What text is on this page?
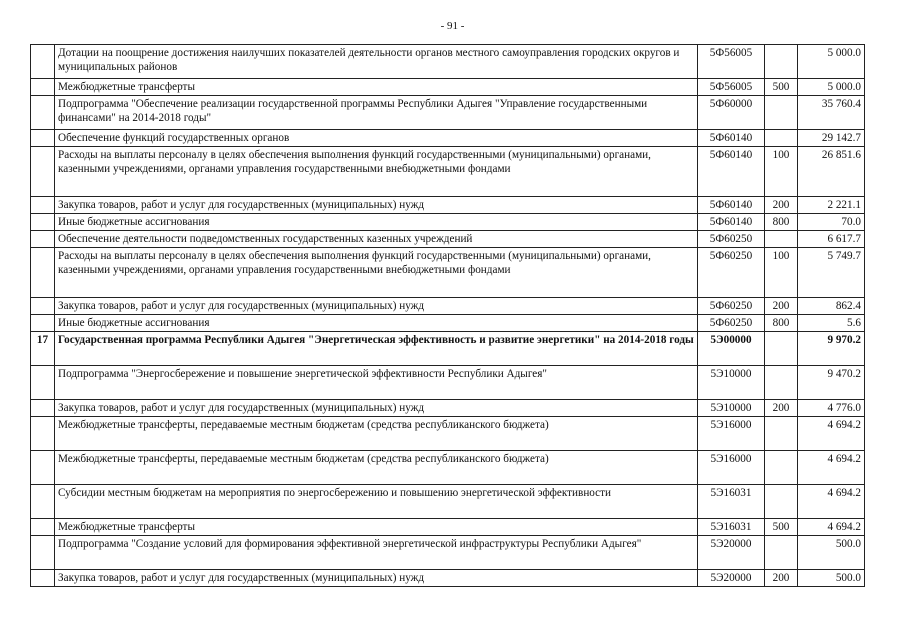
- 91 -
	Дотации на поощрение достижения наилучших показателей деятельности органов местного самоуправления городских округов и муниципальных районов	5Ф56005		5 000.0
	Межбюджетные трансферты	5Ф56005	500	5 000.0
	Подпрограмма "Обеспечение реализации государственной программы Республики Адыгея "Управление государственными финансами" на 2014-2018 годы"	5Ф60000		35 760.4
	Обеспечение функций государственных органов	5Ф60140		29 142.7
	Расходы на выплаты персоналу в целях обеспечения выполнения функций государственными (муниципальными) органами, казенными учреждениями, органами управления государственными внебюджетными фондами	5Ф60140	100	26 851.6
	Закупка товаров, работ и услуг для государственных (муниципальных) нужд	5Ф60140	200	2 221.1
	Иные бюджетные ассигнования	5Ф60140	800	70.0
	Обеспечение деятельности подведомственных государственных казенных учреждений	5Ф60250		6 617.7
	Расходы на выплаты персоналу в целях обеспечения выполнения функций государственными (муниципальными) органами, казенными учреждениями, органами управления государственными внебюджетными фондами	5Ф60250	100	5 749.7
	Закупка товаров, работ и услуг для государственных (муниципальных) нужд	5Ф60250	200	862.4
	Иные бюджетные ассигнования	5Ф60250	800	5.6
17	Государственная программа Республики Адыгея "Энергетическая эффективность и развитие энергетики" на 2014-2018 годы	5Э00000		9 970.2
	Подпрограмма "Энергосбережение и повышение энергетической эффективности Республики Адыгея"	5Э10000		9 470.2
	Закупка товаров, работ и услуг для государственных (муниципальных) нужд	5Э10000	200	4 776.0
	Межбюджетные трансферты, передаваемые местным бюджетам (средства республиканского бюджета)	5Э16000		4 694.2
	Межбюджетные трансферты, передаваемые местным бюджетам (средства республиканского бюджета)	5Э16000		4 694.2
	Субсидии местным бюджетам на мероприятия по энергосбережению и повышению энергетической эффективности	5Э16031		4 694.2
	Межбюджетные трансферты	5Э16031	500	4 694.2
	Подпрограмма "Создание условий для формирования эффективной энергетической инфраструктуры Республики Адыгея"	5Э20000		500.0
	Закупка товаров, работ и услуг для государственных (муниципальных) нужд	5Э20000	200	500.0
